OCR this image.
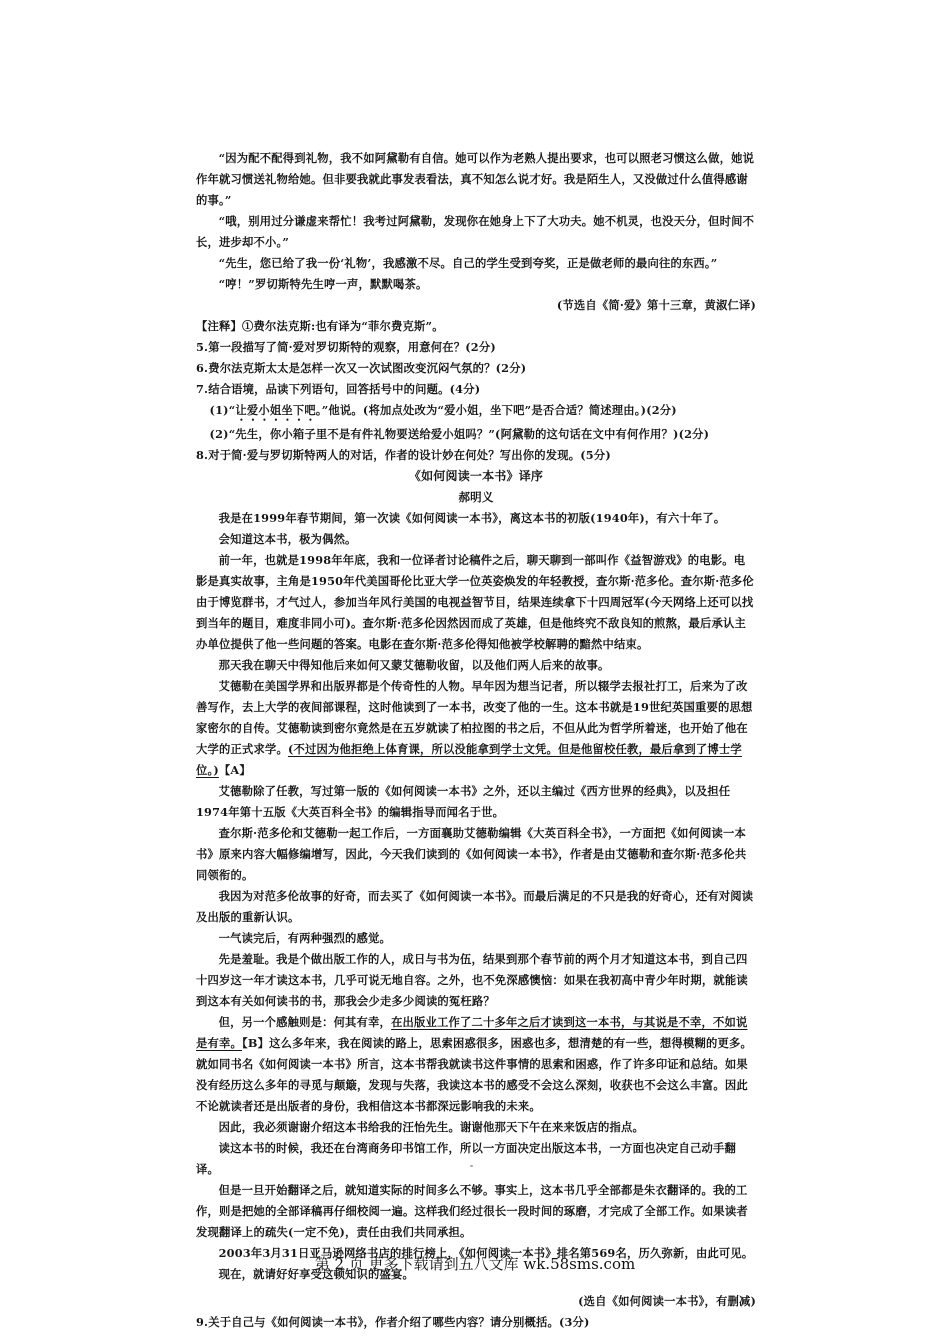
“因为配不配得到礼物，我不如阿黛勒有自信。她可以作为老熟人提出要求，也可以照老习惯这么做，她说作年就习惯送礼物给她。但非要我就此事发表看法，真不知怎么说才好。我是陌生人，又没做过什么值得感谢的事。”

“哦，别用过分谦虚来帮忙！我考过阿黛勒，发现你在她身上下了大功夫。她不机灵，也没天分，但时间不长，进步却不小。”

“先生，您已给了我一份‘礼物’，我感激不尽。自己的学生受到夸奖，正是做老师的最向往的东西。”

“哼！”罗切斯特先生哼一声，默默喝茶。

(节选自《简·爱》第十三章，黄淑仁译)

【注释】①费尔法克斯:也有译为“菲尔费克斯”。

5.第一段描写了简·爱对罗切斯特的观察，用意何在？(2分)

6.费尔法克斯太太是怎样一次又一次试图改变沉闷气氛的？(2分)

7.结合语境，品读下列语句，回答括号中的问题。(4分)

(1)“让爱小姐坐下吧。”他说。(将加点处改为“爱小姐，坐下吧”是否合适？简述理由。)(2分)

(2)“先生，你小箱子里不是有件礼物要送给爱小姐吗？”(阿黛勒的这句话在文中有何作用？)(2分)

8.对于简·爱与罗切斯特两人的对话，作者的设计妙在何处？写出你的发现。(5分)

《如何阅读一本书》译序

郝明义

我是在1999年春节期间，第一次读《如何阅读一本书》，离这本书的初版(1940年)，有六十年了。

会知道这本书，极为偶然。

前一年，也就是1998年年底，我和一位译者讨论稿件之后，聊天聊到一部叫作《益智游戏》的电影。电影是真实故事，主角是1950年代美国哥伦比亚大学一位英姿焕发的年轻教授，查尔斯·范多伦。查尔斯·范多伦由于博览群书，才气过人，参加当年风行美国的电视益智节目，结果连续拿下十四周冠军(今天网络上还可以找到当年的题目，难度非同小可)。查尔斯·范多伦因然因而成了英雄，但是他终究不敌良知的煎熬，最后承认主办单位提供了他一些问题的答案。电影在查尔斯·范多伦得知他被学校解聘的黯然中结束。

那天我在聊天中得知他后来如何又蒙艾德勒收留，以及他们两人后来的故事。

艾德勒在美国学界和出版界都是个传奇性的人物。早年因为想当记者，所以辍学去报社打工，后来为了改善写作，去上大学的夜间部课程，这时他读到了一本书，改变了他的一生。这本书就是19世纪英国重要的思想家密尔的自传。艾德勒读到密尔竟然是在五岁就读了柏拉图的书之后，不但从此为哲学所着迷，也开始了他在大学的正式求学。(不过因为他拒绝上体育课，所以没能拿到学士文凭。但是他留校任教，最后拿到了博士学位。)【A】

艾德勒除了任教，写过第一版的《如何阅读一本书》之外，还以主编过《西方世界的经典》，以及担任1974年第十五版《大英百科全书》的编辑指导而闻名于世。

查尔斯·范多伦和艾德勒一起工作后，一方面襄助艾德勒编辑《大英百科全书》，一方面把《如何阅读一本书》原来内容大幅修编增写，因此，今天我们读到的《如何阅读一本书》，作者是由艾德勒和查尔斯·范多伦共同领衔的。

我因为对范多伦故事的好奇，而去买了《如何阅读一本书》。而最后满足的不只是我的好奇心，还有对阅读及出版的重新认识。

一气读完后，有两种强烈的感觉。

先是羞耻。我是个做出版工作的人，成日与书为伍，结果到那个春节前的两个月才知道这本书，到自己四十四岁这一年才读这本书，几乎可说无地自容。之外，也不免深感懊恼：如果在我初高中青少年时期，就能读到这本有关如何读书的书，那我会少走多少阅读的冤枉路？

但，另一个感触则是：何其有幸，在出版业工作了二十多年之后才读到这一本书，与其说是不幸，不如说是有幸。【B】这么多年来，我在阅读的路上，思索困惑很多，困惑也多，想清楚的有一些，想得模糊的更多。就如同书名《如何阅读一本书》所言，这本书帮我就读书这件事情的思索和困惑，作了许多印证和总结。如果没有经历这么多年的寻觅与颠簸，发现与失落，我读这本书的感受不会这么深刻，收获也不会这么丰富。因此不论就读者还是出版者的身份，我相信这本书都深远影响我的未来。

因此，我必须谢谢介绍这本书给我的汪怡先生。谢谢他那天下午在来来饭店的指点。

读这本书的时候，我还在台湾商务印书馆工作，所以一方面决定出版这本书，一方面也决定自己动手翻译。

但是一旦开始翻译之后，就知道实际的时间多么不够。事实上，这本书几乎全部都是朱衣翻译的。我的工作，则是把她的全部译稿再仔细校阅一遍。这样我们经过很长一段时间的琢磨，才完成了全部工作。如果读者发现翻译上的疏失(一定不免)，责任由我们共同承担。

2003年3月31日亚马逊网络书店的排行榜上，《如何阅读一本书》排名第569名，历久弥新，由此可见。

现在，就请好好享受这顿知识的盛宴。

(选自《如何阅读一本书》，有删减)

9.关于自己与《如何阅读一本书》，作者介绍了哪些内容？请分别概括。(3分)

第 2 页 更多下载请到五八文库 wk.58sms.com
